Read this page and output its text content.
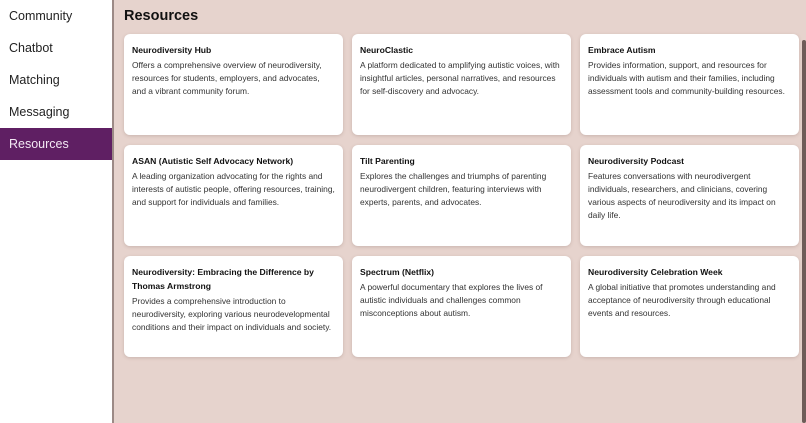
Community
Chatbot
Matching
Messaging
Resources
Resources
Neurodiversity Hub
Offers a comprehensive overview of neurodiversity, resources for students, employers, and advocates, and a vibrant community forum.
NeuroClastic
A platform dedicated to amplifying autistic voices, with insightful articles, personal narratives, and resources for self-discovery and advocacy.
Embrace Autism
Provides information, support, and resources for individuals with autism and their families, including assessment tools and community-building resources.
ASAN (Autistic Self Advocacy Network)
A leading organization advocating for the rights and interests of autistic people, offering resources, training, and support for individuals and families.
Tilt Parenting
Explores the challenges and triumphs of parenting neurodivergent children, featuring interviews with experts, parents, and advocates.
Neurodiversity Podcast
Features conversations with neurodivergent individuals, researchers, and clinicians, covering various aspects of neurodiversity and its impact on daily life.
Neurodiversity: Embracing the Difference by Thomas Armstrong
Provides a comprehensive introduction to neurodiversity, exploring various neurodevelopmental conditions and their impact on individuals and society.
Spectrum (Netflix)
A powerful documentary that explores the lives of autistic individuals and challenges common misconceptions about autism.
Neurodiversity Celebration Week
A global initiative that promotes understanding and acceptance of neurodiversity through educational events and resources.
